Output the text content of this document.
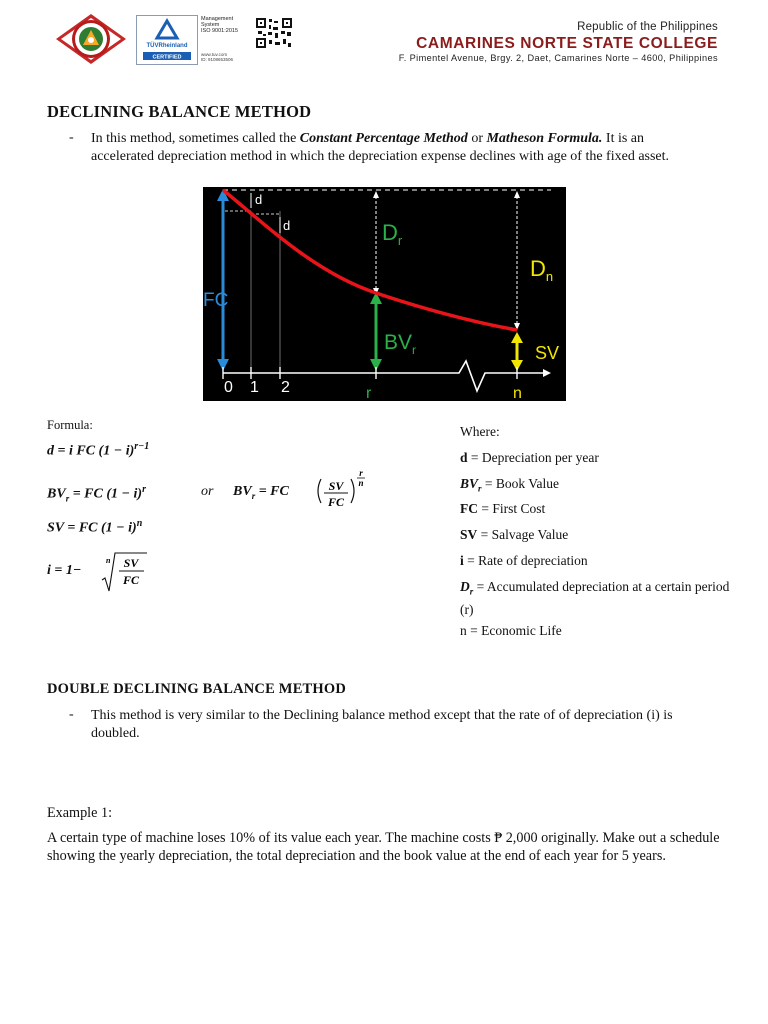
TÜVRheinland
CERTIFIED
Management
System
ISO 9001:2015
www.tuv.com
ID: 9108653506
Republic of the Philippines
CAMARINES NORTE STATE COLLEGE
F. Pimentel Avenue, Brgy. 2, Daet, Camarines Norte – 4600, Philippines
DECLINING BALANCE METHOD
- In this method, sometimes called the Constant Percentage Method or Matheson Formula. It is an accelerated depreciation method in which the depreciation expense declines with age of the fixed asset.

d
d
FC
$D_r$
$BV_r$
$D_n$
SV
0 1 2	r	n
Formula:
d = i FC $(1 - i)^{r-1}$
$BV_r$ = FC $(1 - i)^r$	or $BV_r$ = FC	SV
FC
r
n
SV = FC $(1 - i)^n$
i = 1−
n SV
FC
Where:
d = Depreciation per year
$BV_r$ = Book Value
FC = First Cost
SV = Salvage Value
i = Rate of depreciation
$D_r$ = Accumulated depreciation at a certain period (r)
n = Economic Life
DOUBLE DECLINING BALANCE METHOD
- This method is very similar to the Declining balance method except that the rate of of depreciation (i) is doubled.

Example 1:

A certain type of machine loses 10% of its value each year. The machine costs ₱ 2,000 originally. Make out a schedule showing the yearly depreciation, the total depreciation and the book value at the end of each year for 5 years.
